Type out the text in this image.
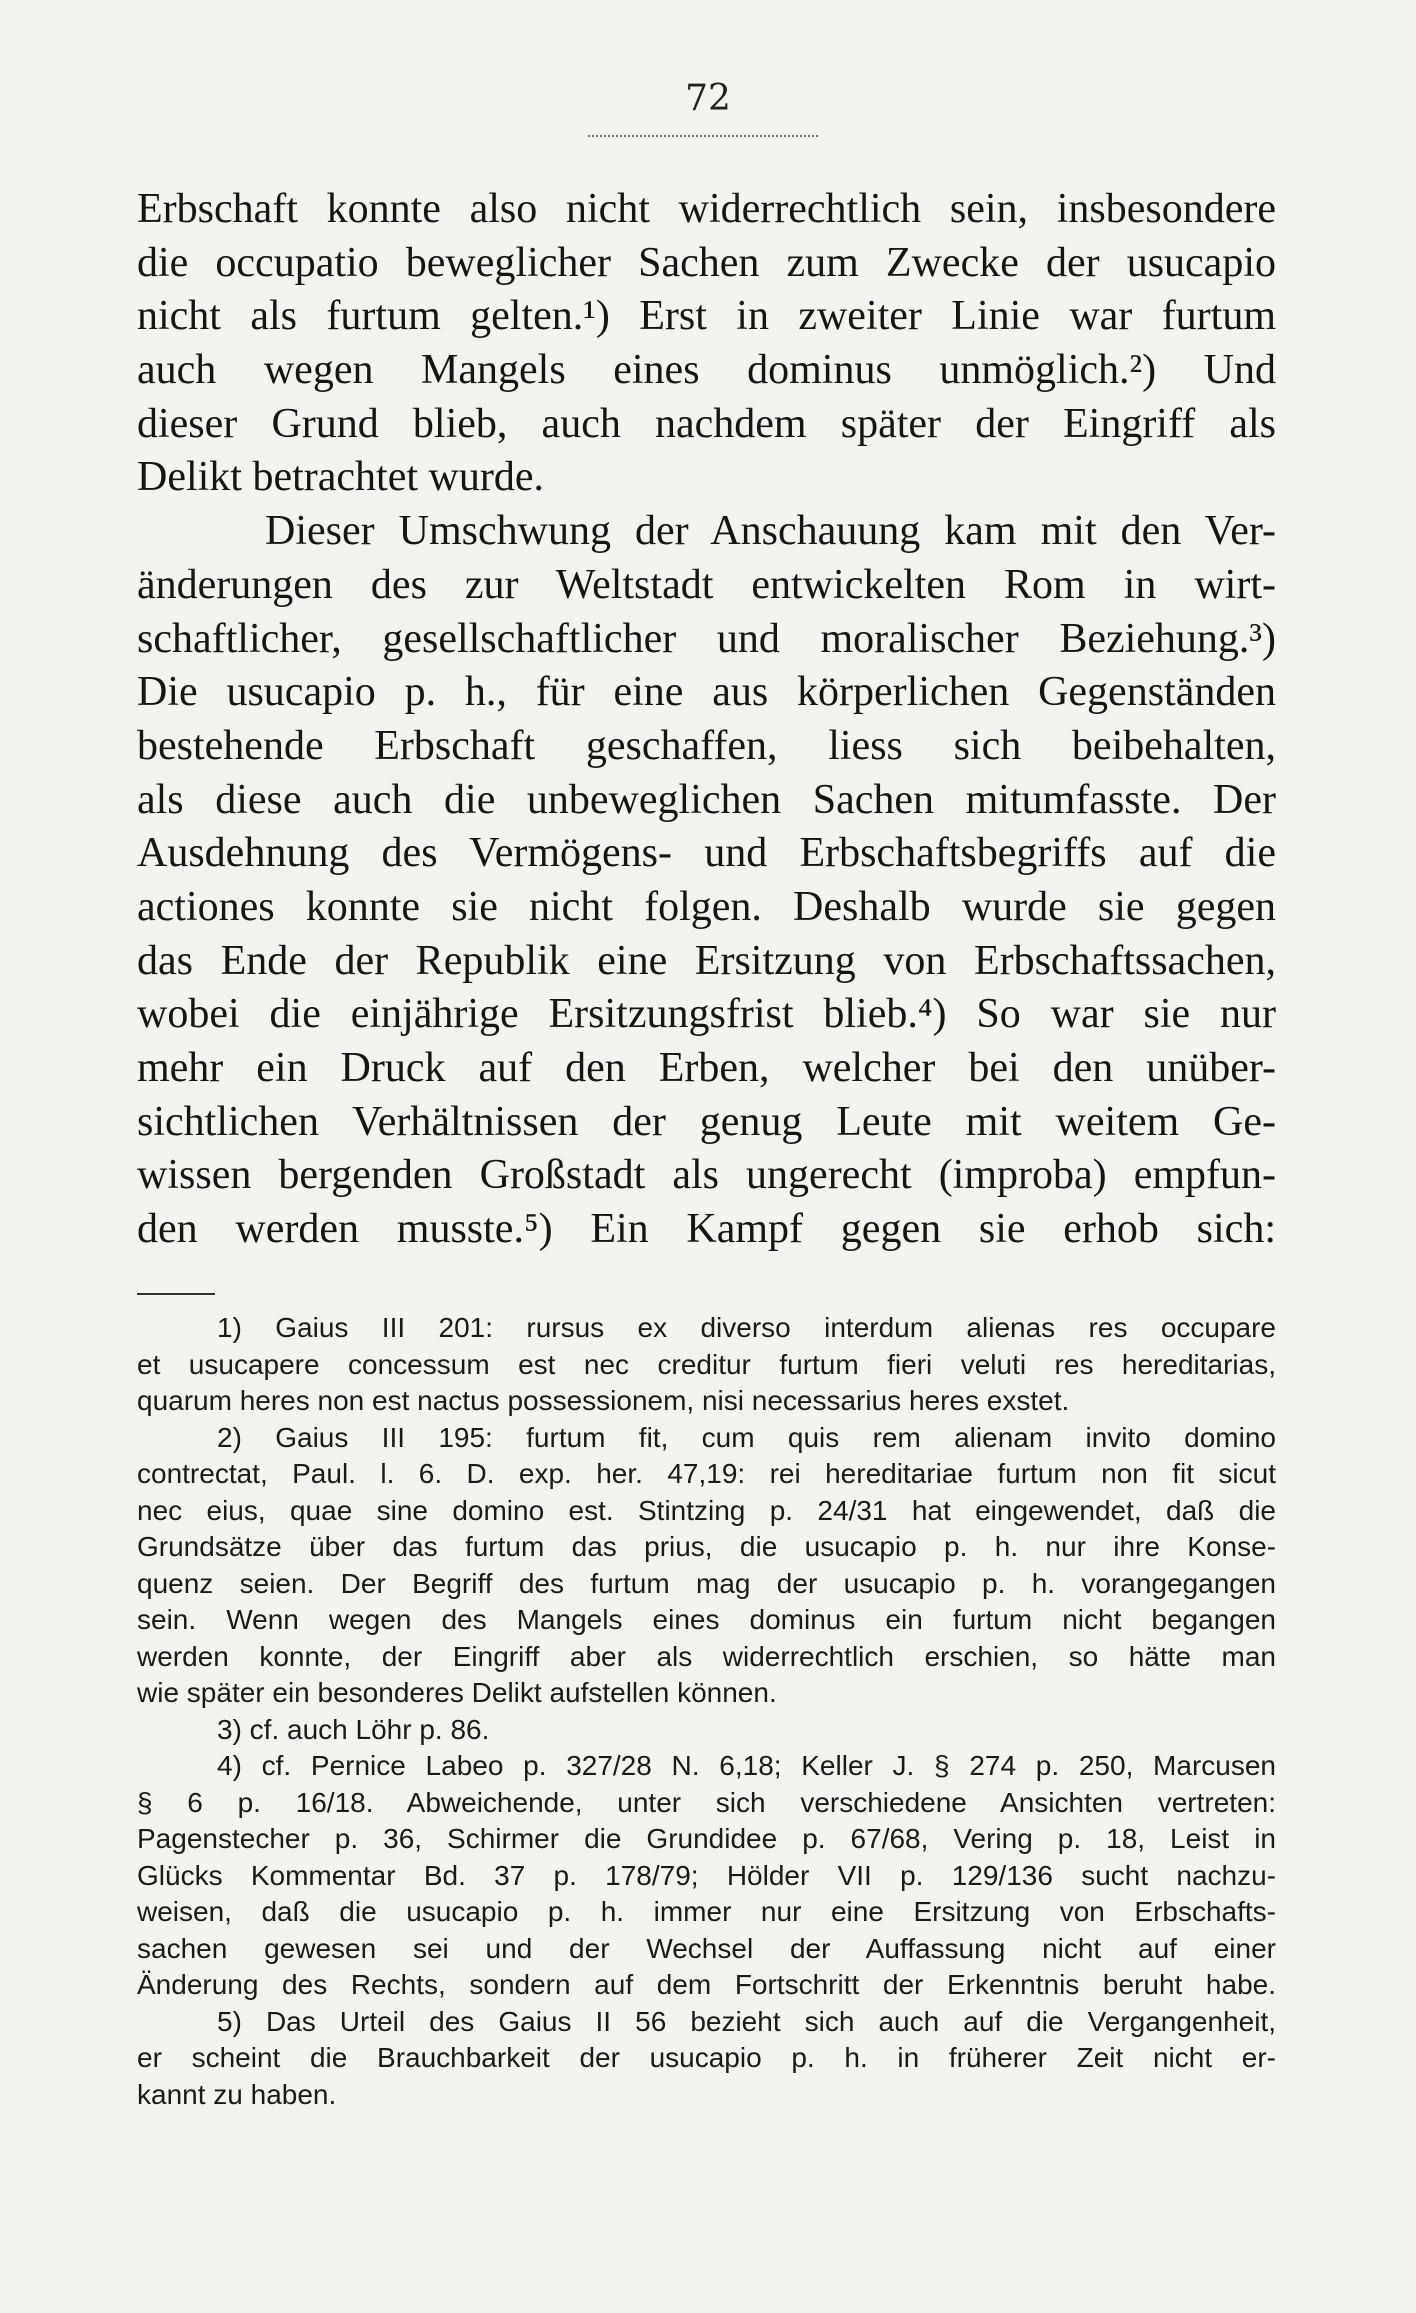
72
Erbschaft konnte also nicht widerrechtlich sein, insbesondere
die occupatio beweglicher Sachen zum Zwecke der usucapio
nicht als furtum gelten.¹) Erst in zweiter Linie war furtum
auch wegen Mangels eines dominus unmöglich.²) Und
dieser Grund blieb, auch nachdem später der Eingriff als
Delikt betrachtet wurde.
Dieser Umschwung der Anschauung kam mit den Ver-
änderungen des zur Weltstadt entwickelten Rom in wirt-
schaftlicher, gesellschaftlicher und moralischer Beziehung.³)
Die usucapio p. h., für eine aus körperlichen Gegenständen
bestehende Erbschaft geschaffen, liess sich beibehalten,
als diese auch die unbeweglichen Sachen mitumfasste. Der
Ausdehnung des Vermögens- und Erbschaftsbegriffs auf die
actiones konnte sie nicht folgen. Deshalb wurde sie gegen
das Ende der Republik eine Ersitzung von Erbschaftssachen,
wobei die einjährige Ersitzungsfrist blieb.⁴) So war sie nur
mehr ein Druck auf den Erben, welcher bei den unüber-
sichtlichen Verhältnissen der genug Leute mit weitem Ge-
wissen bergenden Großstadt als ungerecht (improba) empfun-
den werden musste.⁵) Ein Kampf gegen sie erhob sich:
1) Gaius III 201: rursus ex diverso interdum alienas res occupare
et usucapere concessum est nec creditur furtum fieri veluti res hereditarias,
quarum heres non est nactus possessionem, nisi necessarius heres exstet.
2) Gaius III 195: furtum fit, cum quis rem alienam invito domino
contrectat, Paul. l. 6. D. exp. her. 47,19: rei hereditariae furtum non fit sicut
nec eius, quae sine domino est. Stintzing p. 24/31 hat eingewendet, daß die
Grundsätze über das furtum das prius, die usucapio p. h. nur ihre Konse-
quenz seien. Der Begriff des furtum mag der usucapio p. h. vorangegangen
sein. Wenn wegen des Mangels eines dominus ein furtum nicht begangen
werden konnte, der Eingriff aber als widerrechtlich erschien, so hätte man
wie später ein besonderes Delikt aufstellen können.
3) cf. auch Löhr p. 86.
4) cf. Pernice Labeo p. 327/28 N. 6,18; Keller J. § 274 p. 250, Marcusen
§ 6 p. 16/18. Abweichende, unter sich verschiedene Ansichten vertreten:
Pagenstecher p. 36, Schirmer die Grundidee p. 67/68, Vering p. 18, Leist in
Glücks Kommentar Bd. 37 p. 178/79; Hölder VII p. 129/136 sucht nachzu-
weisen, daß die usucapio p. h. immer nur eine Ersitzung von Erbschafts-
sachen gewesen sei und der Wechsel der Auffassung nicht auf einer
Änderung des Rechts, sondern auf dem Fortschritt der Erkenntnis beruht habe.
5) Das Urteil des Gaius II 56 bezieht sich auch auf die Vergangenheit,
er scheint die Brauchbarkeit der usucapio p. h. in früherer Zeit nicht er-
kannt zu haben.
